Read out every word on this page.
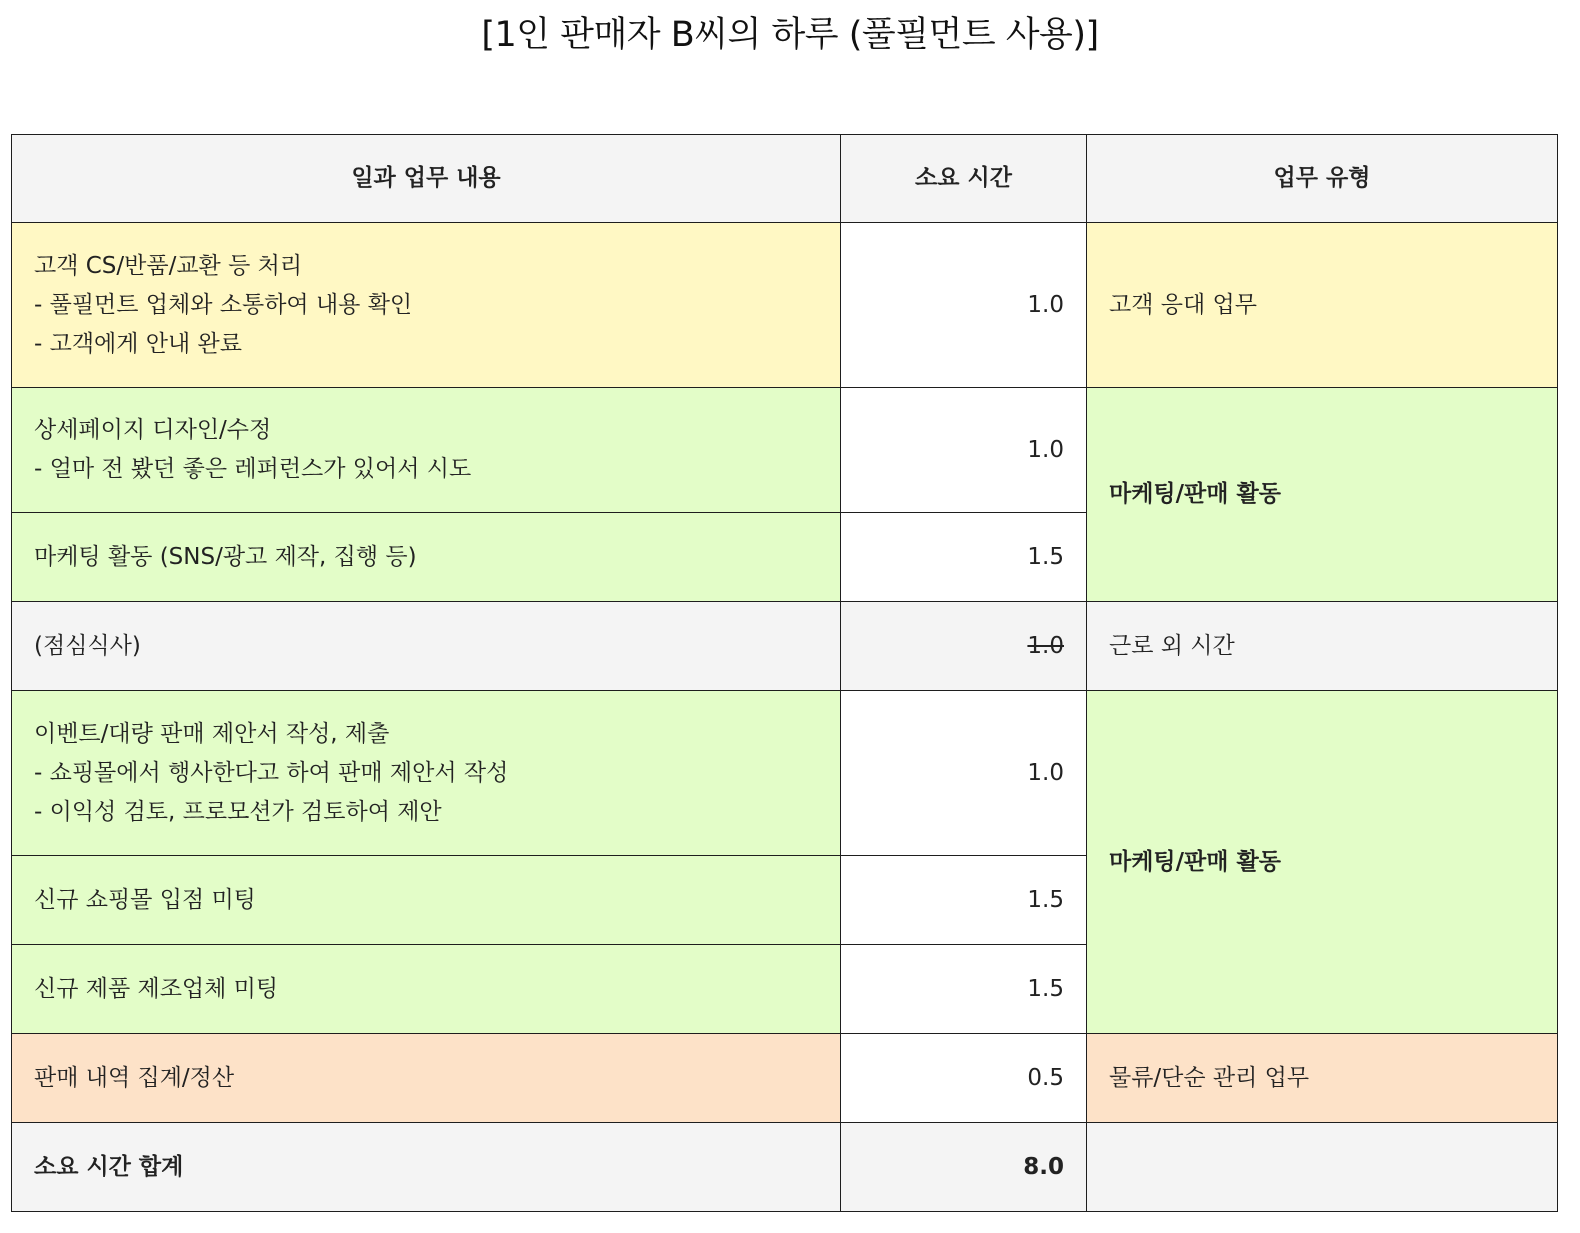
[1인 판매자 B씨의 하루 (풀필먼트 사용)]
일과 업무 내용	소요 시간	업무 유형

고객 CS/반품/교환 등 처리
- 풀필먼트 업체와 소통하여 내용 확인
- 고객에게 안내 완료	1.0	고객 응대 업무

상세페이지 디자인/수정
- 얼마 전 봤던 좋은 레퍼런스가 있어서 시도	1.0	마케팅/판매 활동

마케팅 활동 (SNS/광고 제작, 집행 등)	1.5	

(점심식사)	1.0	근로 외 시간

이벤트/대량 판매 제안서 작성, 제출
- 쇼핑몰에서 행사한다고 하여 판매 제안서 작성
- 이익성 검토, 프로모션가 검토하여 제안	1.0	마케팅/판매 활동

신규 쇼핑몰 입점 미팅	1.5	

신규 제품 제조업체 미팅	1.5	

판매 내역 집계/정산	0.5	물류/단순 관리 업무
소요 시간 합계	8.0	
